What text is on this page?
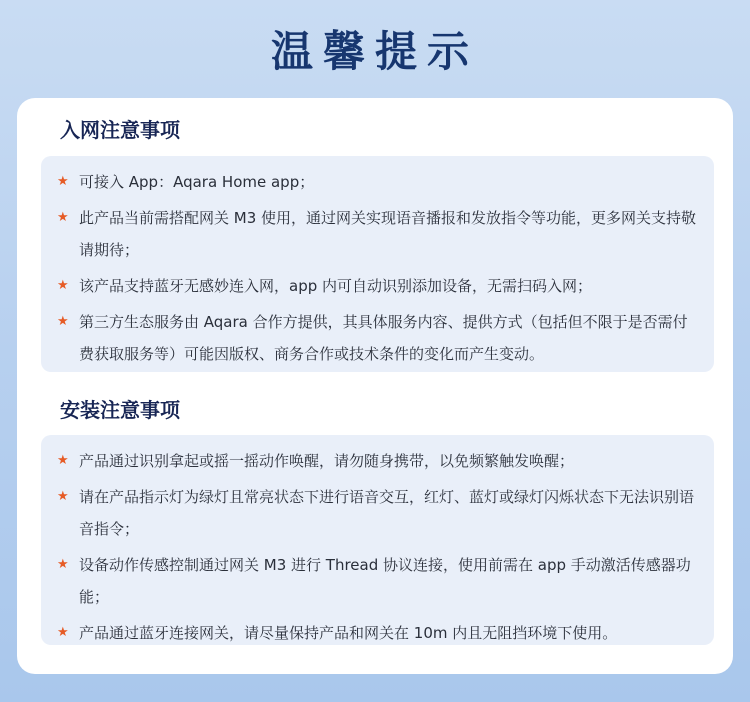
温馨提示
入网注意事项
★ 可接入 App：Aqara Home app；
★ 此产品当前需搭配网关 M3 使用，通过网关实现语音播报和发放指令等功能，更多网关支持敬请期待；
★ 该产品支持蓝牙无感妙连入网，app 内可自动识别添加设备，无需扫码入网；
★ 第三方生态服务由 Aqara 合作方提供，其具体服务内容、提供方式（包括但不限于是否需付费获取服务等）可能因版权、商务合作或技术条件的变化而产生变动。
安装注意事项
★ 产品通过识别拿起或摇一摇动作唤醒，请勿随身携带，以免频繁触发唤醒；
★ 请在产品指示灯为绿灯且常亮状态下进行语音交互，红灯、蓝灯或绿灯闪烁状态下无法识别语音指令；
★ 设备动作传感控制通过网关 M3 进行 Thread 协议连接，使用前需在 app 手动激活传感器功能；
★ 产品通过蓝牙连接网关，请尽量保持产品和网关在 10m 内且无阻挡环境下使用。
